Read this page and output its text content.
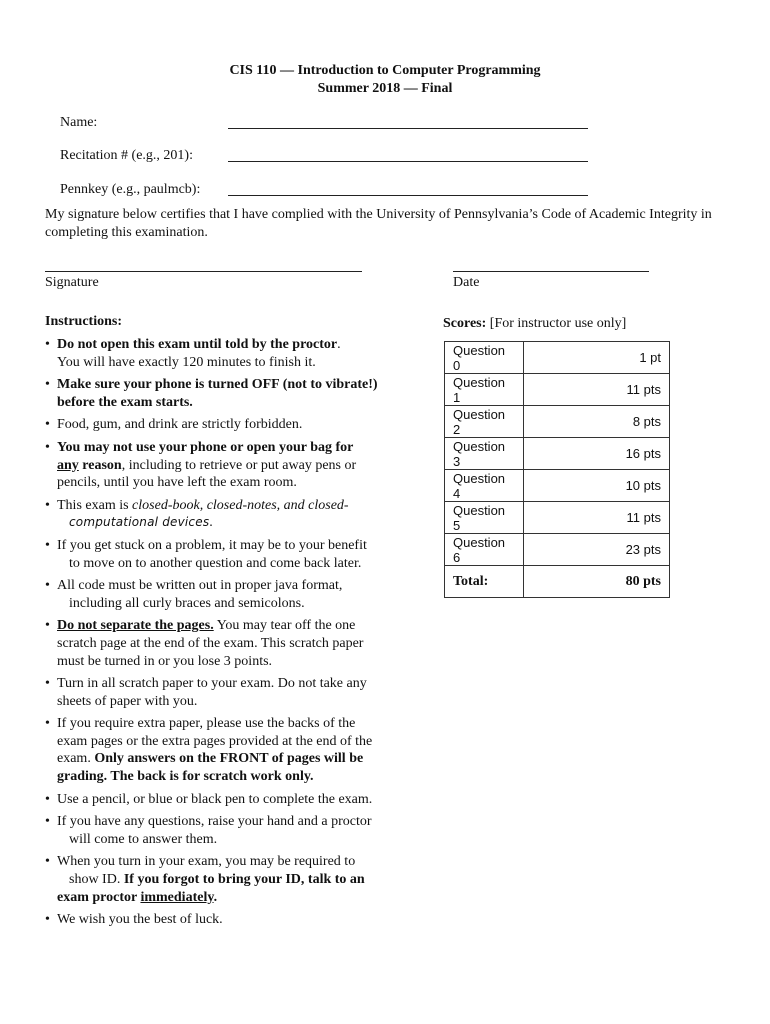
CIS 110 — Introduction to Computer Programming
Summer 2018 — Final
Name:
Recitation # (e.g., 201):
Pennkey (e.g., paulmcb):
My signature below certifies that I have complied with the University of Pennsylvania’s Code of Academic Integrity in completing this examination.
Signature	Date
Instructions:
• Do not open this exam until told by the proctor.
You will have exactly 120 minutes to finish it.
• Make sure your phone is turned OFF (not to vibrate!)
before the exam starts.
• Food, gum, and drink are strictly forbidden.
• You may not use your phone or open your bag for
any reason, including to retrieve or put away pens or
pencils, until you have left the exam room.
• This exam is closed-book, closed-notes, and closed-
computational devices.
• If you get stuck on a problem, it may be to your benefit
to move on to another question and come back later.
• All code must be written out in proper java format,
including all curly braces and semicolons.
• Do not separate the pages. You may tear off the one
scratch page at the end of the exam. This scratch paper
must be turned in or you lose 3 points.
• Turn in all scratch paper to your exam. Do not take any
sheets of paper with you.
• If you require extra paper, please use the backs of the
exam pages or the extra pages provided at the end of the
exam. Only answers on the FRONT of pages will be
grading. The back is for scratch work only.
• Use a pencil, or blue or black pen to complete the exam.
• If you have any questions, raise your hand and a proctor
will come to answer them.
• When you turn in your exam, you may be required to
show ID. If you forgot to bring your ID, talk to an
exam proctor immediately.
• We wish you the best of luck.
Scores: [For instructor use only]
Question 0	1 pt
Question 1	11 pts
Question 2	8 pts
Question 3	16 pts
Question 4	10 pts
Question 5	11 pts
Question 6	23 pts
Total:	80 pts
